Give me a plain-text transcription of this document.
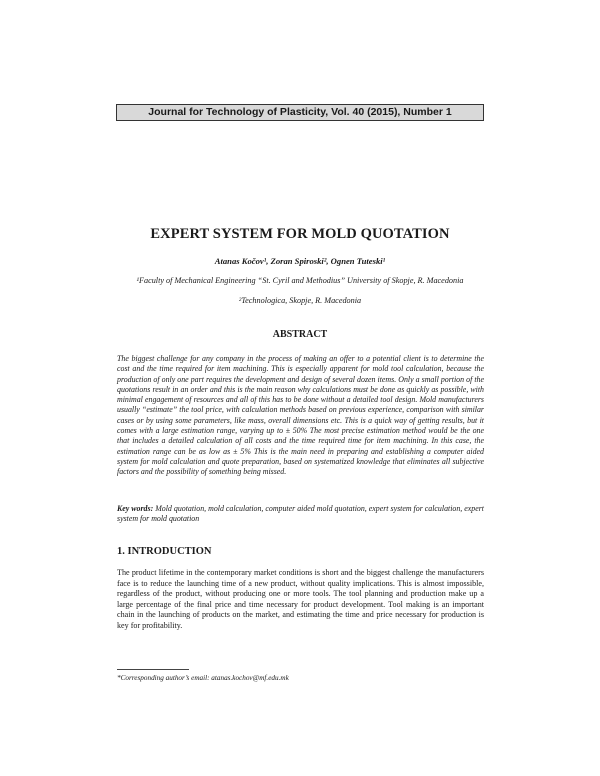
Journal for Technology of Plasticity, Vol. 40 (2015), Number 1
EXPERT SYSTEM FOR MOLD QUOTATION
Atanas Kočov¹, Zoran Spiroski², Ognen Tuteski¹
¹Faculty of Mechanical Engineering “St. Cyril and Methodius” University of Skopje, R. Macedonia
²Technologica, Skopje, R. Macedonia
ABSTRACT

The biggest challenge for any company in the process of making an offer to a potential client is to determine the cost and the time required for item machining. This is especially apparent for mold tool calculation, because the production of only one part requires the development and design of several dozen items. Only a small portion of the quotations result in an order and this is the main reason why calculations must be done as quickly as possible, with minimal engagement of resources and all of this has to be done without a detailed tool design. Mold manufacturers usually “estimate” the tool price, with calculation methods based on previous experience, comparison with similar cases or by using some parameters, like mass, overall dimensions etc. This is a quick way of getting results, but it comes with a large estimation range, varying up to ± 50% The most precise estimation method would be the one that includes a detailed calculation of all costs and the time required time for item machining. In this case, the estimation range can be as low as ± 5% This is the main need in preparing and establishing a computer aided system for mold calculation and quote preparation, based on systematized knowledge that eliminates all subjective factors and the possibility of something being missed.

Key words: Mold quotation, mold calculation, computer aided mold quotation, expert system for calculation, expert system for mold quotation

1. INTRODUCTION

The product lifetime in the contemporary market conditions is short and the biggest challenge the manufacturers face is to reduce the launching time of a new product, without quality implications. This is almost impossible, regardless of the product, without producing one or more tools. The tool planning and production make up a large percentage of the final price and time necessary for product development. Tool making is an important chain in the launching of products on the market, and estimating the time and price necessary for production is key for profitability.

*Corresponding author’s email: atanas.kochov@mf.edu.mk
